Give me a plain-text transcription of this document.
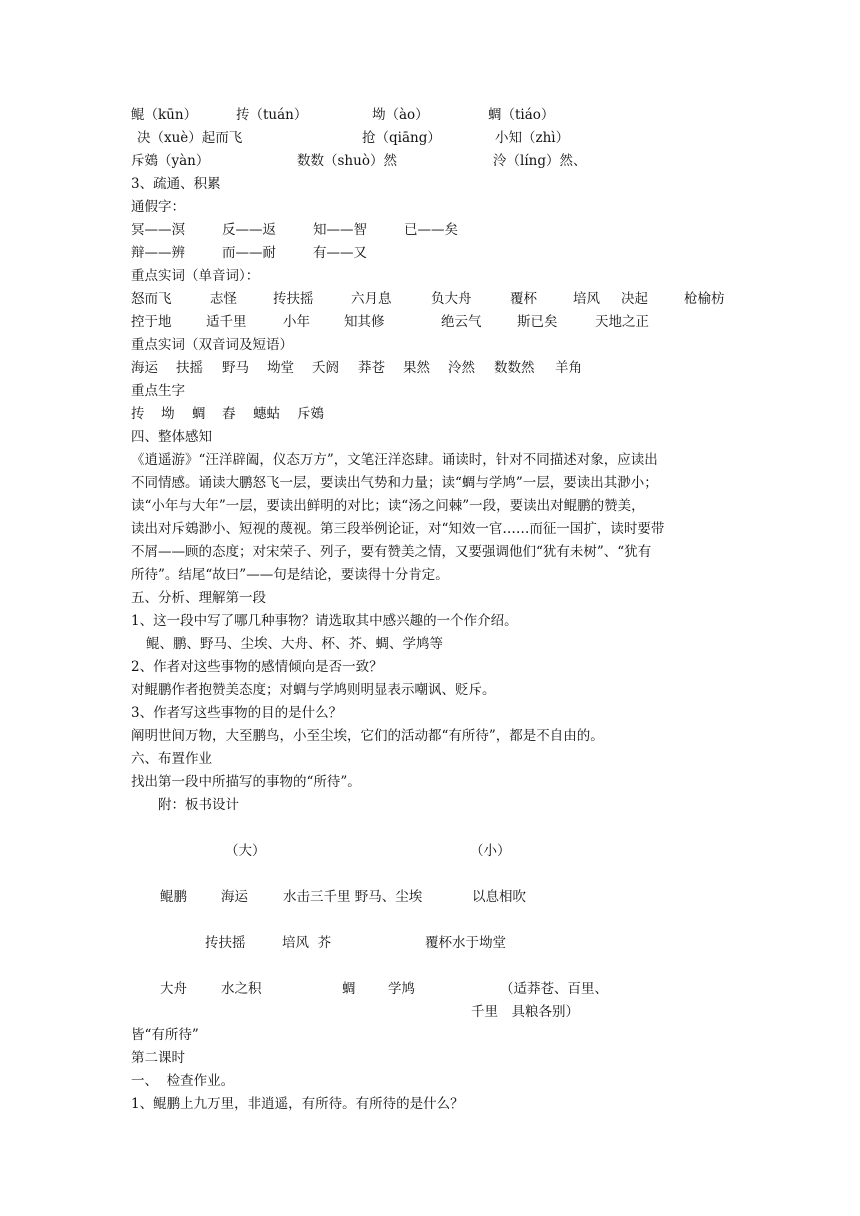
鲲（kūn）	抟（tuán）	坳（ào）	蜩（tiáo）
决（xuè）起而飞	抢（qiāng）	小知（zhì）
斥鴳（yàn）	数数（shuò）然	泠（líng）然、
3、疏通、积累
通假字：
冥——溟	反——返	知——智	已——矣
辩——辨	而——耐	有——又
重点实词（单音词）：
怒而飞	志怪	抟扶摇	六月息	负大舟	覆杯	培风 决起	枪榆枋
控于地	适千里	小年	知其修	绝云气	斯已矣	天地之正
重点实词（双音词及短语）
海运 扶摇 野马 坳堂 夭阏 莽苍 果然 泠然 数数然 羊角
重点生字
抟 坳 蜩 舂 蟪蛄 斥鴳
四、整体感知
《逍遥游》“汪洋辟阖，仪态万方”，文笔汪洋恣肆。诵读时，针对不同描述对象，应读出
不同情感。诵读大鹏怒飞一层，要读出气势和力量；读“蜩与学鸠”一层，要读出其渺小；
读“小年与大年”一层，要读出鲜明的对比；读“汤之问棘”一段，要读出对鲲鹏的赞美，
读出对斥鴳渺小、短视的蔑视。第三段举例论证，对“知效一官……而征一国扩，读时要带
不屑——顾的态度；对宋荣子、列子，要有赞美之情，又要强调他们“犹有未树”、“犹有
所待”。结尾“故曰”——句是结论，要读得十分肯定。
五、分析、理解第一段
1、这一段中写了哪几种事物？请选取其中感兴趣的一个作介绍。
鲲、鹏、野马、尘埃、大舟、杯、芥、蜩、学鸠等
2、作者对这些事物的感情倾向是否一致？
对鲲鹏作者抱赞美态度；对蜩与学鸠则明显表示嘲讽、贬斥。
3、作者写这些事物的目的是什么？
阐明世间万物，大至鹏鸟，小至尘埃，它们的活动都“有所待”，都是不自由的。
六、布置作业
找出第一段中所描写的事物的“所待”。
附：板书设计
（大）	（小）
鲲鹏	海运	水击三千里 野马、尘埃	以息相吹
抟扶摇	培风  芥	覆杯水于坳堂
大舟	水之积	蜩 学鸠	（适莽苍、百里、
千里　具粮各别）
皆“有所待”
第二课时
一、  检查作业。
1、鲲鹏上九万里，非逍遥，有所待。有所待的是什么？
